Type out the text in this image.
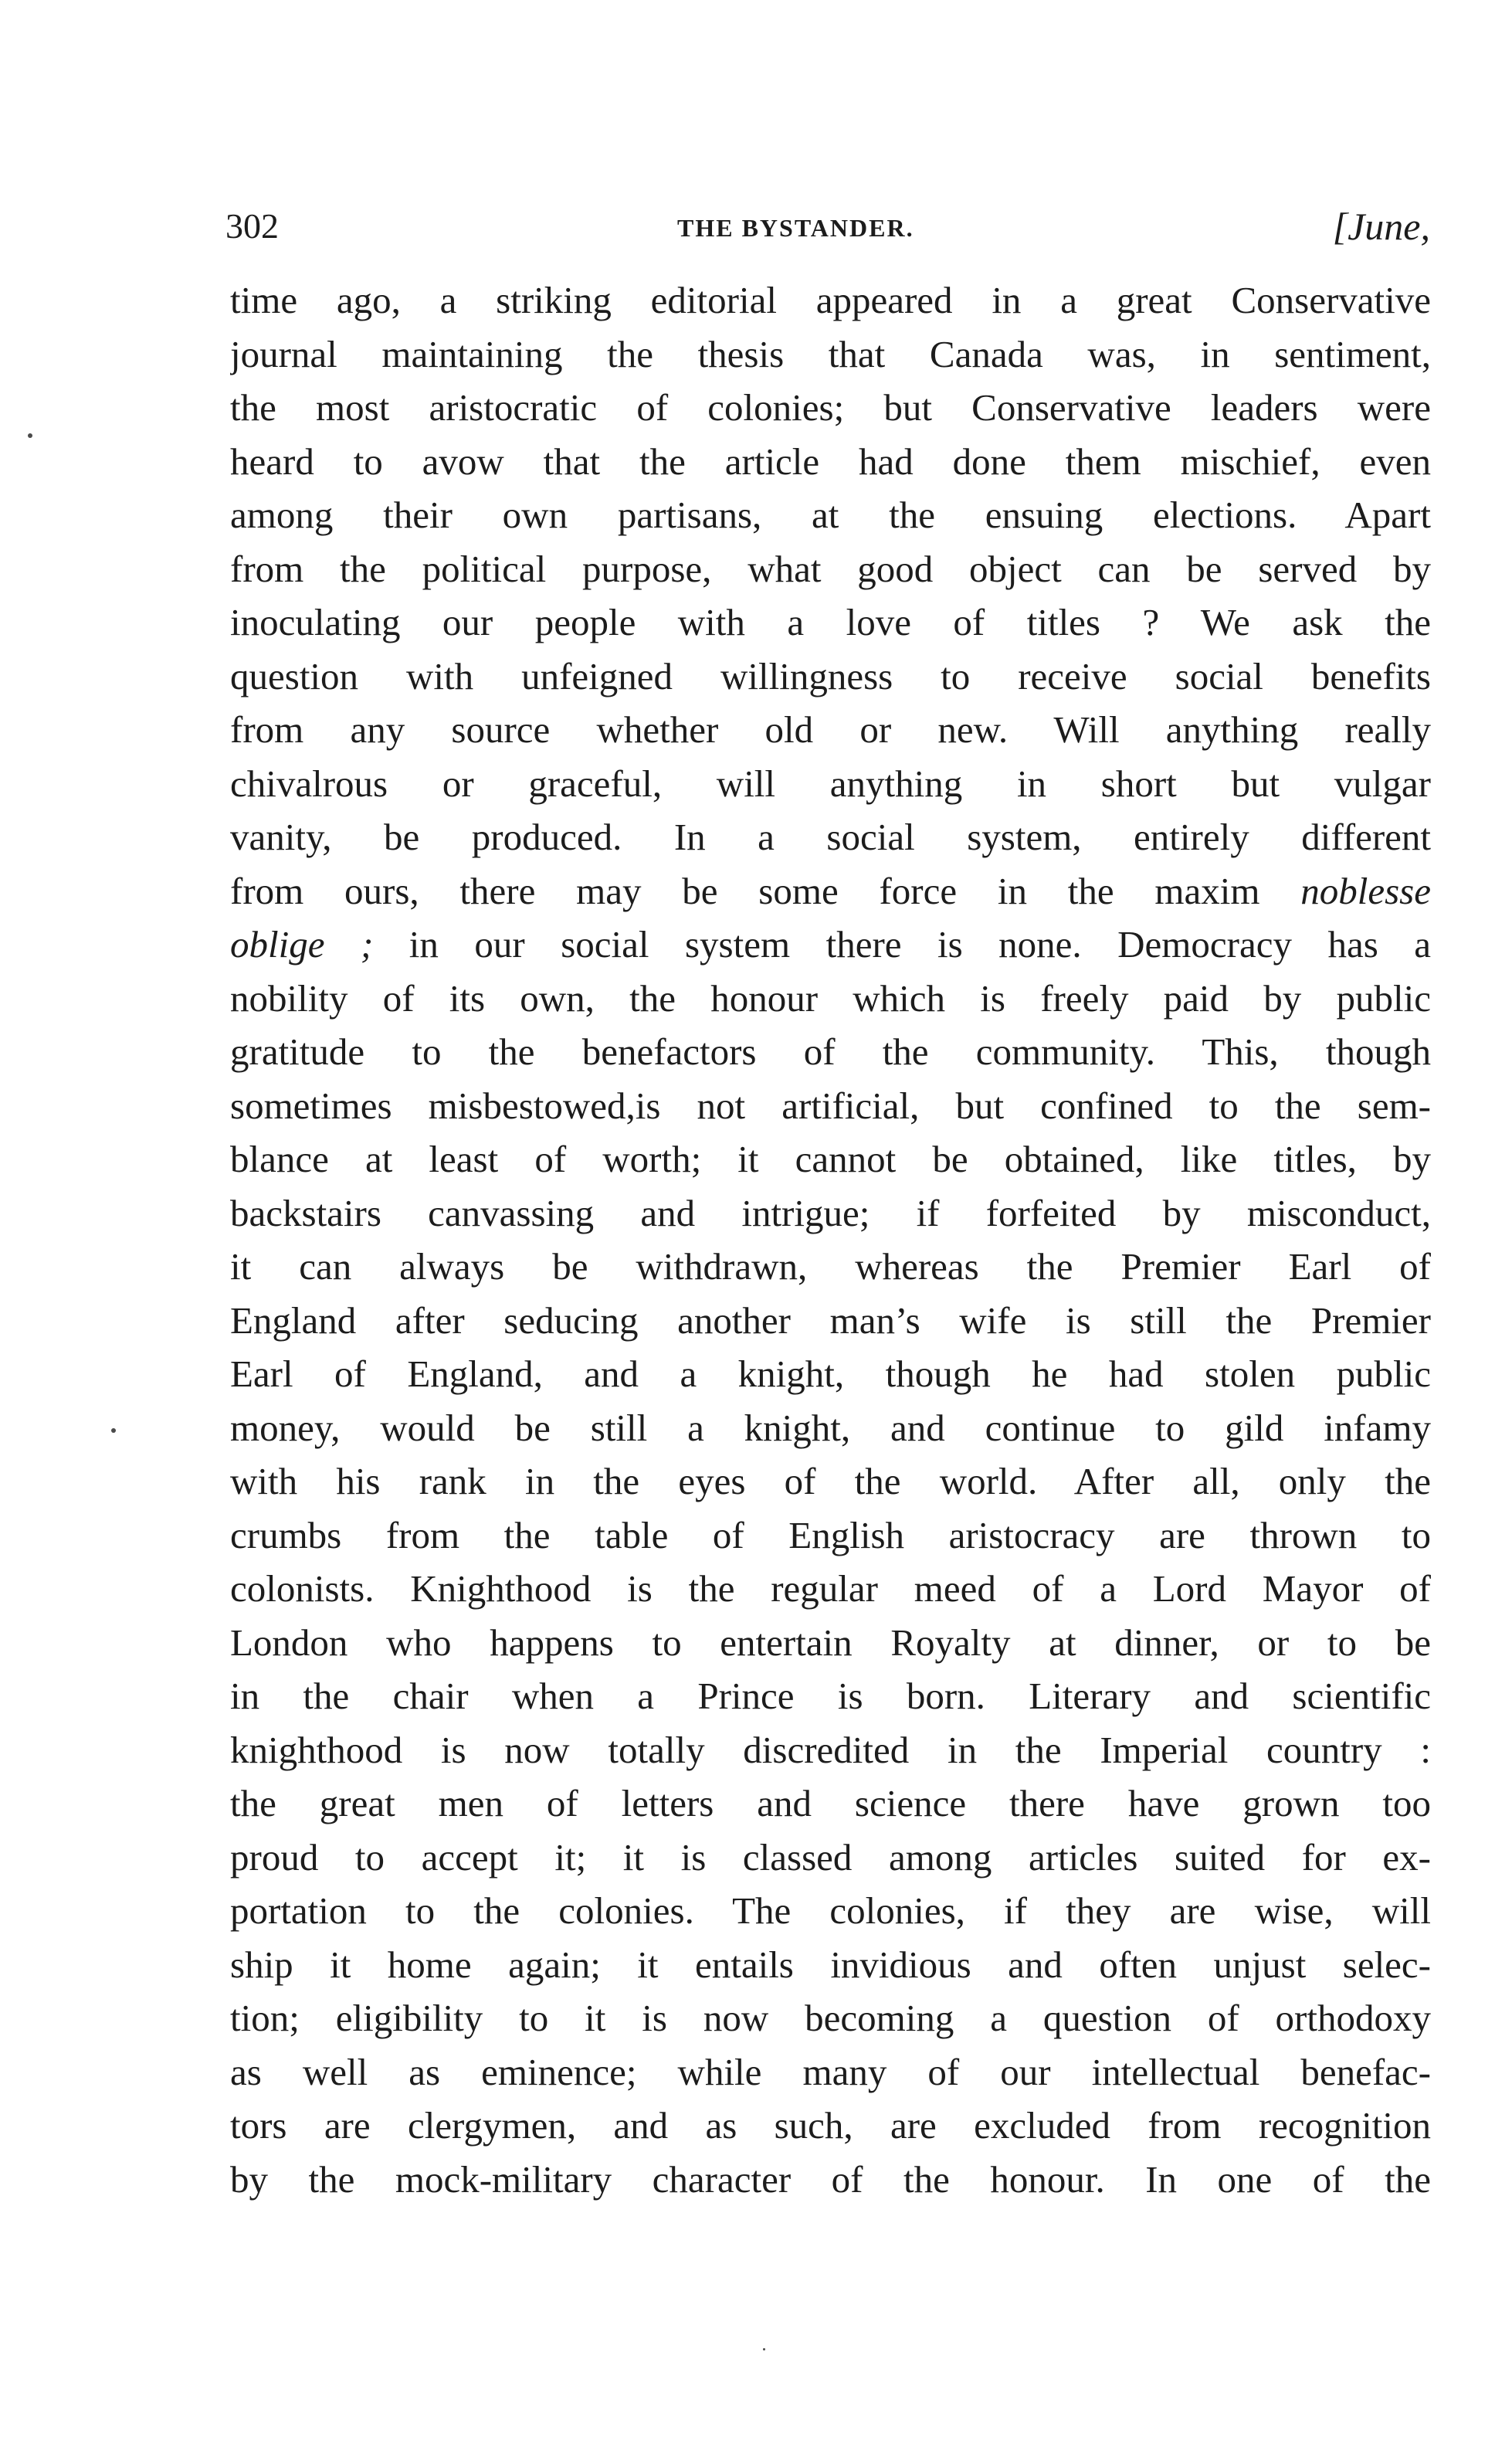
302	THE BYSTANDER.	[June,
time ago, a striking editorial appeared in a great Conservative
journal maintaining the thesis that Canada was, in sentiment,
the most aristocratic of colonies; but Conservative leaders were
heard to avow that the article had done them mischief, even
among their own partisans, at the ensuing elections. Apart
from the political purpose, what good object can be served by
inoculating our people with a love of titles ? We ask the
question with unfeigned willingness to receive social benefits
from any source whether old or new. Will anything really
chivalrous or graceful, will anything in short but vulgar
vanity, be produced. In a social system, entirely different
from ours, there may be some force in the maxim noblesse
oblige ; in our social system there is none. Democracy has a
nobility of its own, the honour which is freely paid by public
gratitude to the benefactors of the community. This, though
sometimes misbestowed,is not artificial, but confined to the sem-
blance at least of worth; it cannot be obtained, like titles, by
backstairs canvassing and intrigue; if forfeited by misconduct,
it can always be withdrawn, whereas the Premier Earl of
England after seducing another man’s wife is still the Premier
Earl of England, and a knight, though he had stolen public
money, would be still a knight, and continue to gild infamy
with his rank in the eyes of the world. After all, only the
crumbs from the table of English aristocracy are thrown to
colonists. Knighthood is the regular meed of a Lord Mayor of
London who happens to entertain Royalty at dinner, or to be
in the chair when a Prince is born. Literary and scientific
knighthood is now totally discredited in the Imperial country :
the great men of letters and science there have grown too
proud to accept it; it is classed among articles suited for ex-
portation to the colonies. The colonies, if they are wise, will
ship it home again; it entails invidious and often unjust selec-
tion; eligibility to it is now becoming a question of orthodoxy
as well as eminence; while many of our intellectual benefac-
tors are clergymen, and as such, are excluded from recognition
by the mock-military character of the honour. In one of the
